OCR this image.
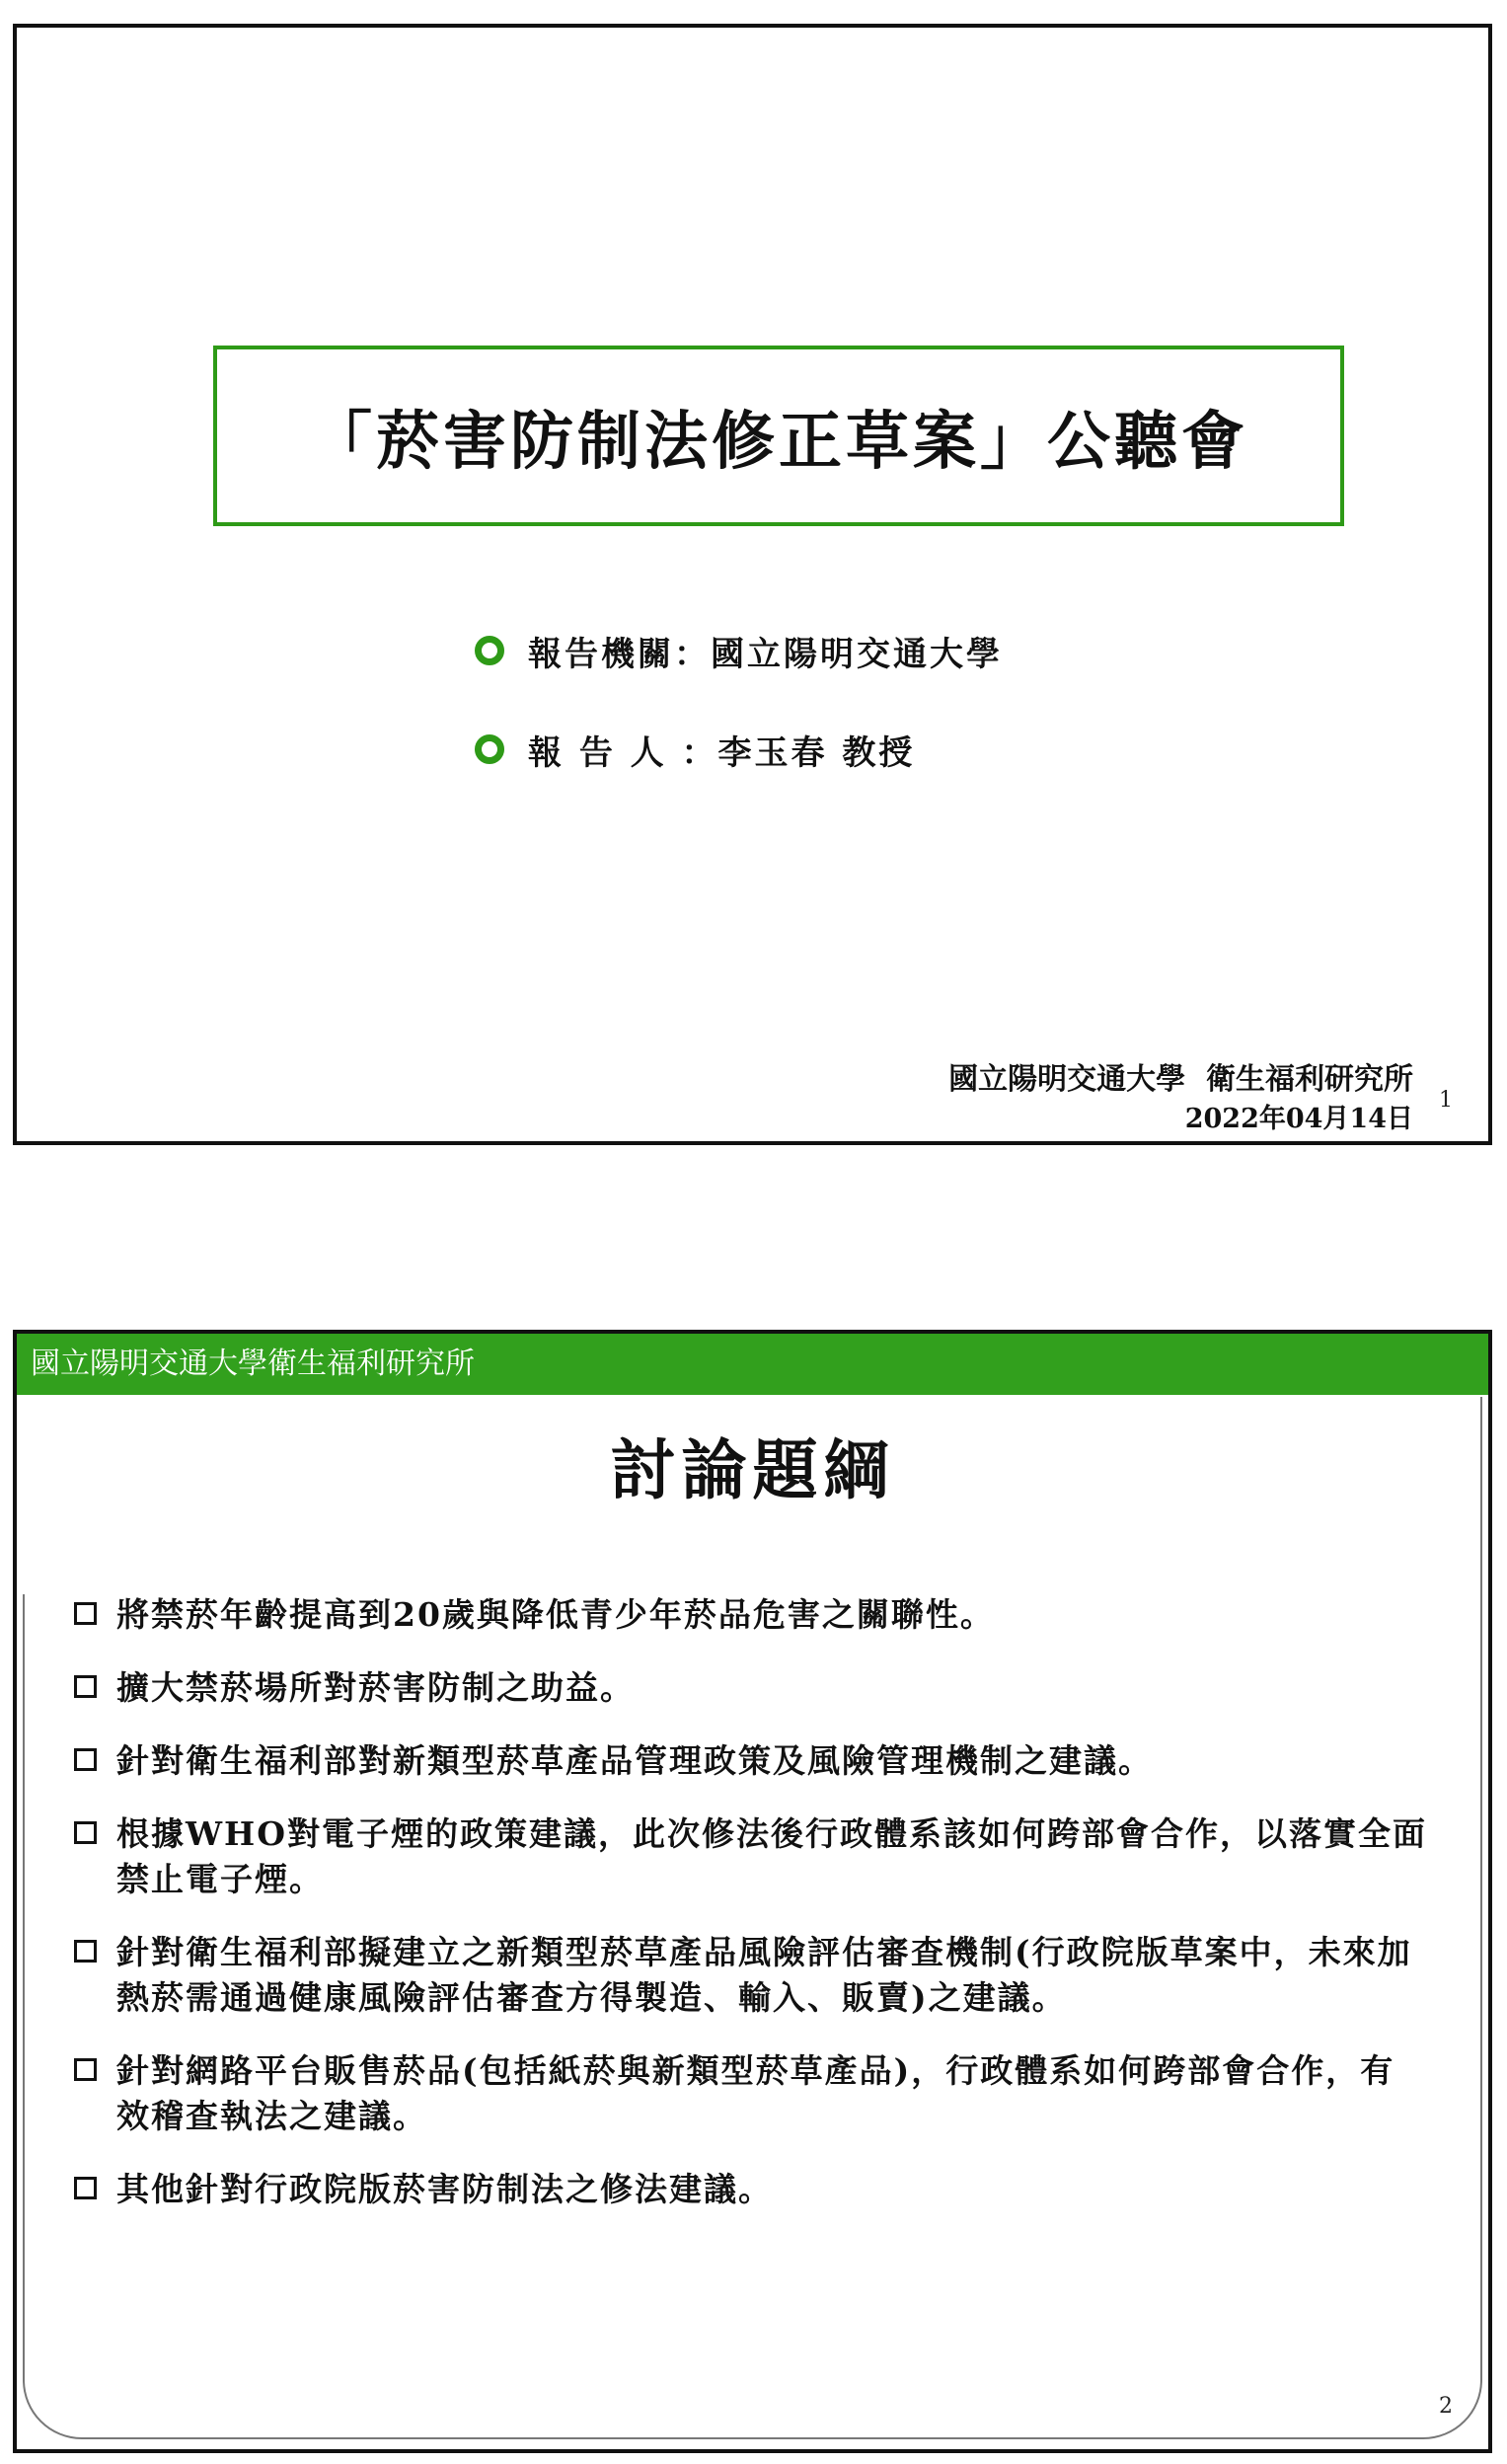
「菸害防制法修正草案」公聽會
報告機關：國立陽明交通大學
報 告 人 ：李玉春 教授
國立陽明交通大學  衛生福利研究所
2022年04月14日
1
國立陽明交通大學衛生福利研究所
討論題綱
將禁菸年齡提高到20歲與降低青少年菸品危害之關聯性。
擴大禁菸場所對菸害防制之助益。
針對衛生福利部對新類型菸草產品管理政策及風險管理機制之建議。
根據WHO對電子煙的政策建議，此次修法後行政體系該如何跨部會合作，以落實全面禁止電子煙。
針對衛生福利部擬建立之新類型菸草產品風險評估審查機制(行政院版草案中，未來加熱菸需通過健康風險評估審查方得製造、輸入、販賣)之建議。
針對網路平台販售菸品(包括紙菸與新類型菸草產品)，行政體系如何跨部會合作，有效稽查執法之建議。
其他針對行政院版菸害防制法之修法建議。
2
